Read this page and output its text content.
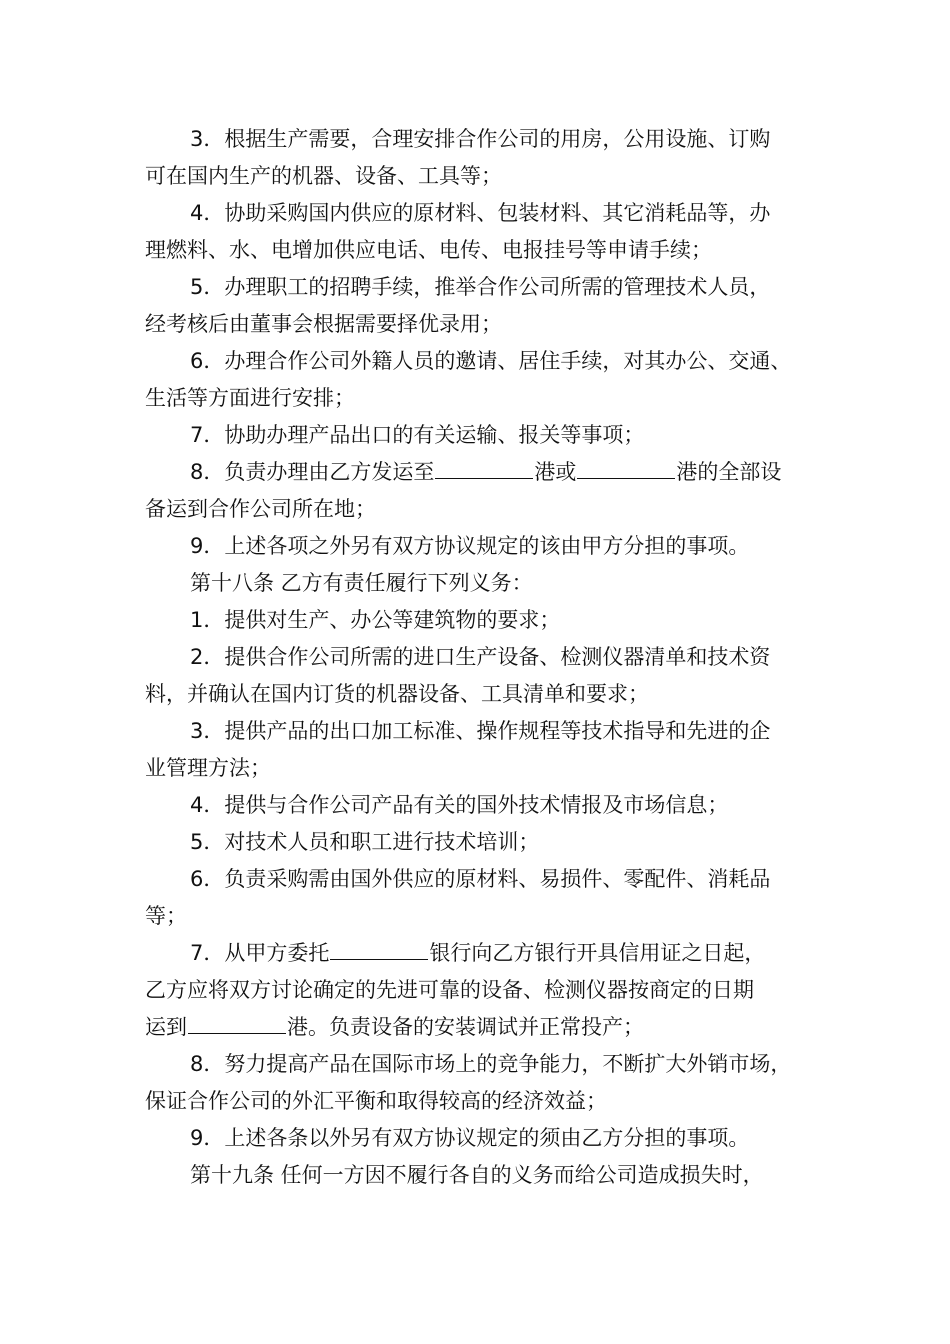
3．根据生产需要，合理安排合作公司的用房，公用设施、订购
可在国内生产的机器、设备、工具等；
4．协助采购国内供应的原材料、包装材料、其它消耗品等，办
理燃料、水、电增加供应电话、电传、电报挂号等申请手续；
5．办理职工的招聘手续，推举合作公司所需的管理技术人员，
经考核后由董事会根据需要择优录用；
6．办理合作公司外籍人员的邀请、居住手续，对其办公、交通、
生活等方面进行安排；
7．协助办理产品出口的有关运输、报关等事项；
8．负责办理由乙方发运至	港或	港的全部设
备运到合作公司所在地；
9．上述各项之外另有双方协议规定的该由甲方分担的事项。
第十八条 乙方有责任履行下列义务：
1．提供对生产、办公等建筑物的要求；
2．提供合作公司所需的进口生产设备、检测仪器清单和技术资
料，并确认在国内订货的机器设备、工具清单和要求；
3．提供产品的出口加工标准、操作规程等技术指导和先进的企
业管理方法；
4．提供与合作公司产品有关的国外技术情报及市场信息；
5．对技术人员和职工进行技术培训；
6．负责采购需由国外供应的原材料、易损件、零配件、消耗品
等；
7．从甲方委托	银行向乙方银行开具信用证之日起，
乙方应将双方讨论确定的先进可靠的设备、检测仪器按商定的日期
运到	港。负责设备的安装调试并正常投产；
8．努力提高产品在国际市场上的竞争能力，不断扩大外销市场，
保证合作公司的外汇平衡和取得较高的经济效益；
9．上述各条以外另有双方协议规定的须由乙方分担的事项。
第十九条 任何一方因不履行各自的义务而给公司造成损失时，
